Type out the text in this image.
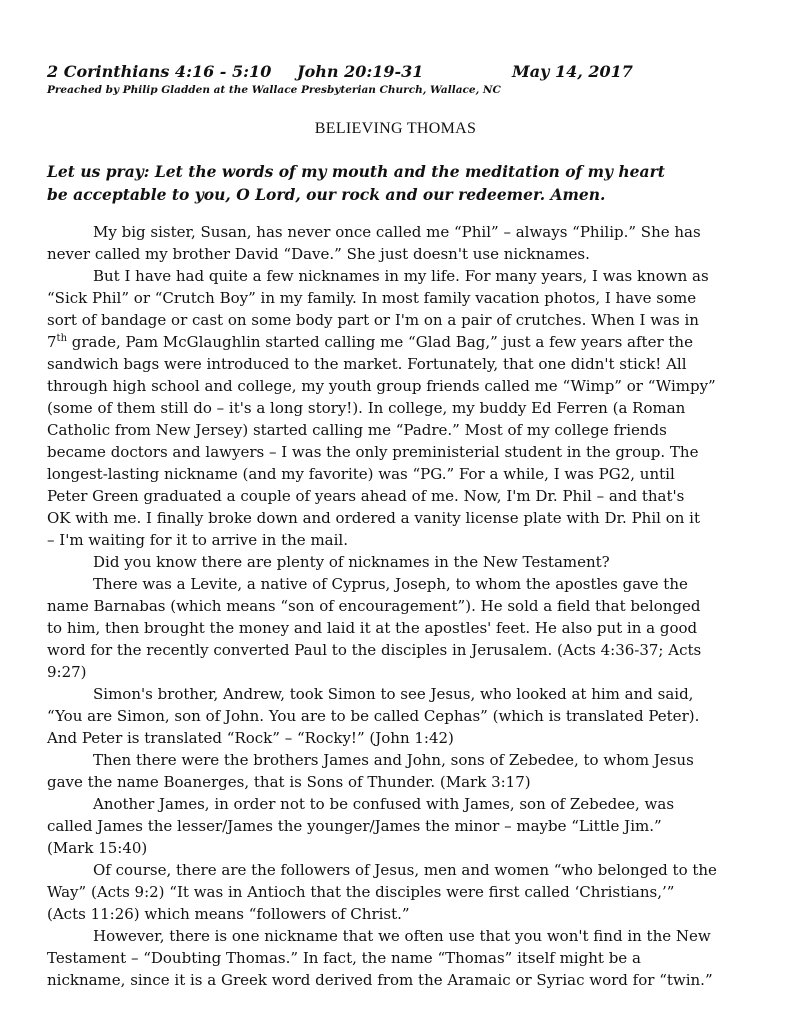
2 Corinthians 4:16 - 5:10 John 20:19-31	May 14, 2017
Preached by Philip Gladden at the Wallace Presbyterian Church, Wallace, NC
BELIEVING THOMAS
Let us pray: Let the words of my mouth and the meditation of my heart
be acceptable to you, O Lord, our rock and our redeemer. Amen.
My big sister, Susan, has never once called me “Phil” – always “Philip.” She has
never called my brother David “Dave.” She just doesn't use nicknames.
But I have had quite a few nicknames in my life. For many years, I was known as
“Sick Phil” or “Crutch Boy” in my family. In most family vacation photos, I have some
sort of bandage or cast on some body part or I'm on a pair of crutches. When I was in
7th grade, Pam McGlaughlin started calling me “Glad Bag,” just a few years after the
sandwich bags were introduced to the market. Fortunately, that one didn't stick! All
through high school and college, my youth group friends called me “Wimp” or “Wimpy”
(some of them still do – it's a long story!). In college, my buddy Ed Ferren (a Roman
Catholic from New Jersey) started calling me “Padre.” Most of my college friends
became doctors and lawyers – I was the only preministerial student in the group. The
longest-lasting nickname (and my favorite) was “PG.” For a while, I was PG2, until
Peter Green graduated a couple of years ahead of me. Now, I'm Dr. Phil – and that's
OK with me. I finally broke down and ordered a vanity license plate with Dr. Phil on it
– I'm waiting for it to arrive in the mail.
Did you know there are plenty of nicknames in the New Testament?
There was a Levite, a native of Cyprus, Joseph, to whom the apostles gave the
name Barnabas (which means “son of encouragement”). He sold a field that belonged
to him, then brought the money and laid it at the apostles' feet. He also put in a good
word for the recently converted Paul to the disciples in Jerusalem. (Acts 4:36-37; Acts
9:27)
Simon's brother, Andrew, took Simon to see Jesus, who looked at him and said,
“You are Simon, son of John. You are to be called Cephas” (which is translated Peter).
And Peter is translated “Rock” – “Rocky!” (John 1:42)
Then there were the brothers James and John, sons of Zebedee, to whom Jesus
gave the name Boanerges, that is Sons of Thunder. (Mark 3:17)
Another James, in order not to be confused with James, son of Zebedee, was
called James the lesser/James the younger/James the minor – maybe “Little Jim.”
(Mark 15:40)
Of course, there are the followers of Jesus, men and women “who belonged to the
Way” (Acts 9:2) “It was in Antioch that the disciples were first called ‘Christians,’”
(Acts 11:26) which means “followers of Christ.”
However, there is one nickname that we often use that you won't find in the New
Testament – “Doubting Thomas.” In fact, the name “Thomas” itself might be a
nickname, since it is a Greek word derived from the Aramaic or Syriac word for “twin.”
